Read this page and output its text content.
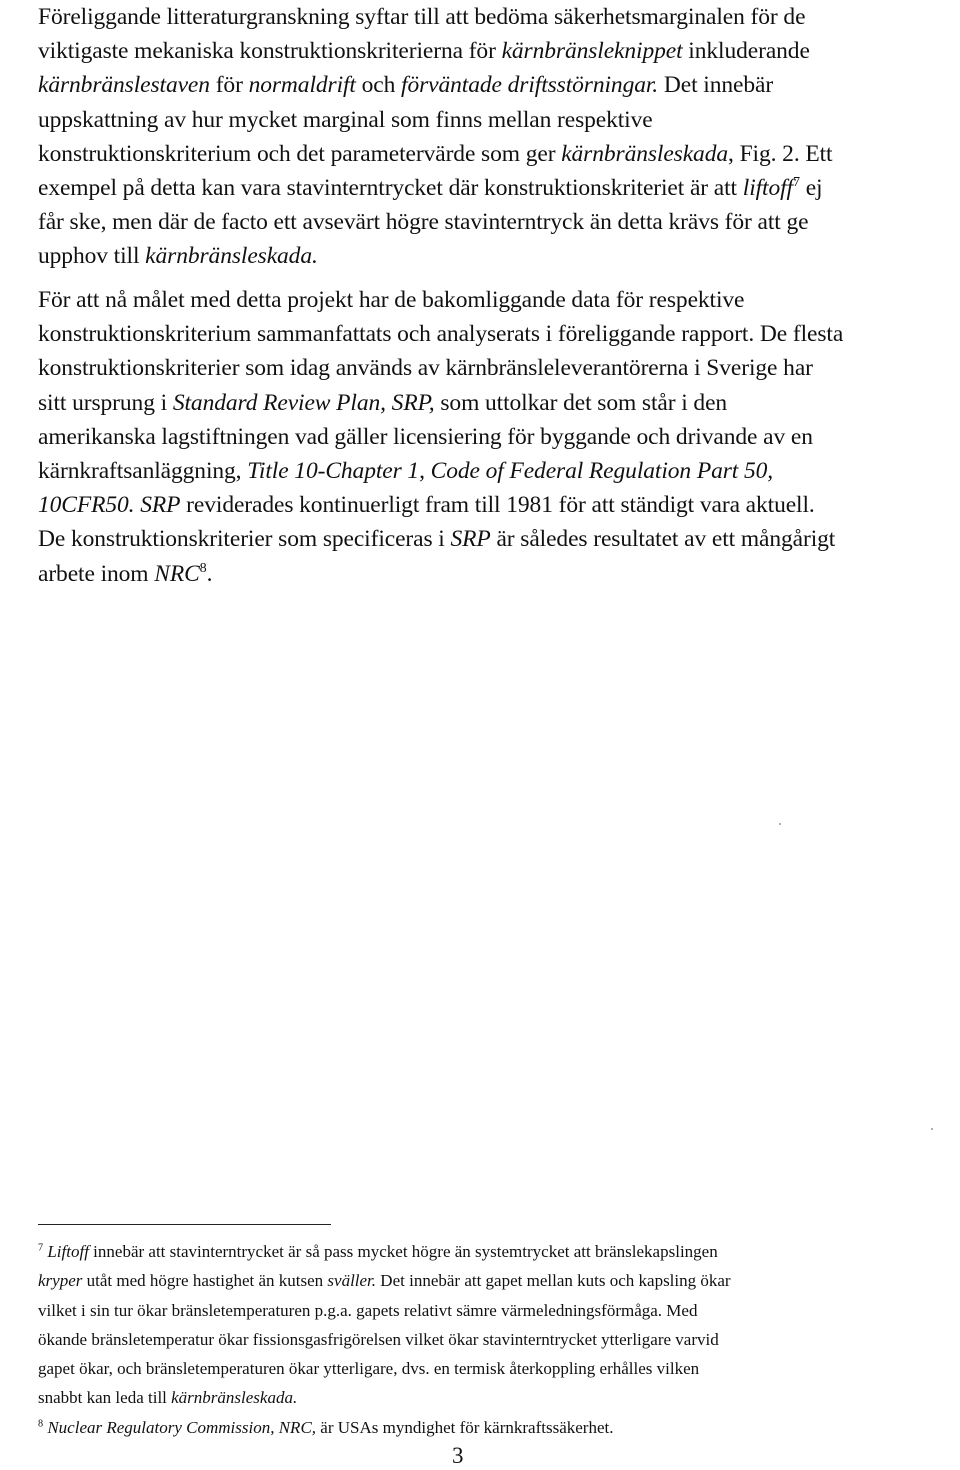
Föreliggande litteraturgranskning syftar till att bedöma säkerhetsmarginalen för de
viktigaste mekaniska konstruktionskriterierna för kärnbränsleknippet inkluderande
kärnbränslestaven för normaldrift och förväntade driftsstörningar. Det innebär
uppskattning av hur mycket marginal som finns mellan respektive
konstruktionskriterium och det parametervärde som ger kärnbränsleskada, Fig. 2. Ett
exempel på detta kan vara stavinterntrycket där konstruktionskriteriet är att liftoff$^7$ ej
får ske, men där de facto ett avsevärt högre stavinterntryck än detta krävs för att ge
upphov till kärnbränsleskada.

För att nå målet med detta projekt har de bakomliggande data för respektive
konstruktionskriterium sammanfattats och analyserats i föreliggande rapport. De flesta
konstruktionskriterier som idag används av kärnbränsleleverantörerna i Sverige har
sitt ursprung i Standard Review Plan, SRP, som uttolkar det som står i den
amerikanska lagstiftningen vad gäller licensiering för byggande och drivande av en
kärnkraftsanläggning, Title 10-Chapter 1, Code of Federal Regulation Part 50,
10CFR50. SRP reviderades kontinuerligt fram till 1981 för att ständigt vara aktuell.
De konstruktionskriterier som specificeras i SRP är således resultatet av ett mångårigt
arbete inom NRC$^8$.

$^7$ Liftoff innebär att stavinterntrycket är så pass mycket högre än systemtrycket att bränslekapslingen
kryper utåt med högre hastighet än kutsen sväller. Det innebär att gapet mellan kuts och kapsling ökar
vilket i sin tur ökar bränsletemperaturen p.g.a. gapets relativt sämre värmeledningsförmåga. Med
ökande bränsletemperatur ökar fissionsgasfrigörelsen vilket ökar stavinterntrycket ytterligare varvid
gapet ökar, och bränsletemperaturen ökar ytterligare, dvs. en termisk återkoppling erhålles vilken
snabbt kan leda till kärnbränsleskada.
$^8$ Nuclear Regulatory Commission, NRC, är USAs myndighet för kärnkraftssäkerhet.
3
